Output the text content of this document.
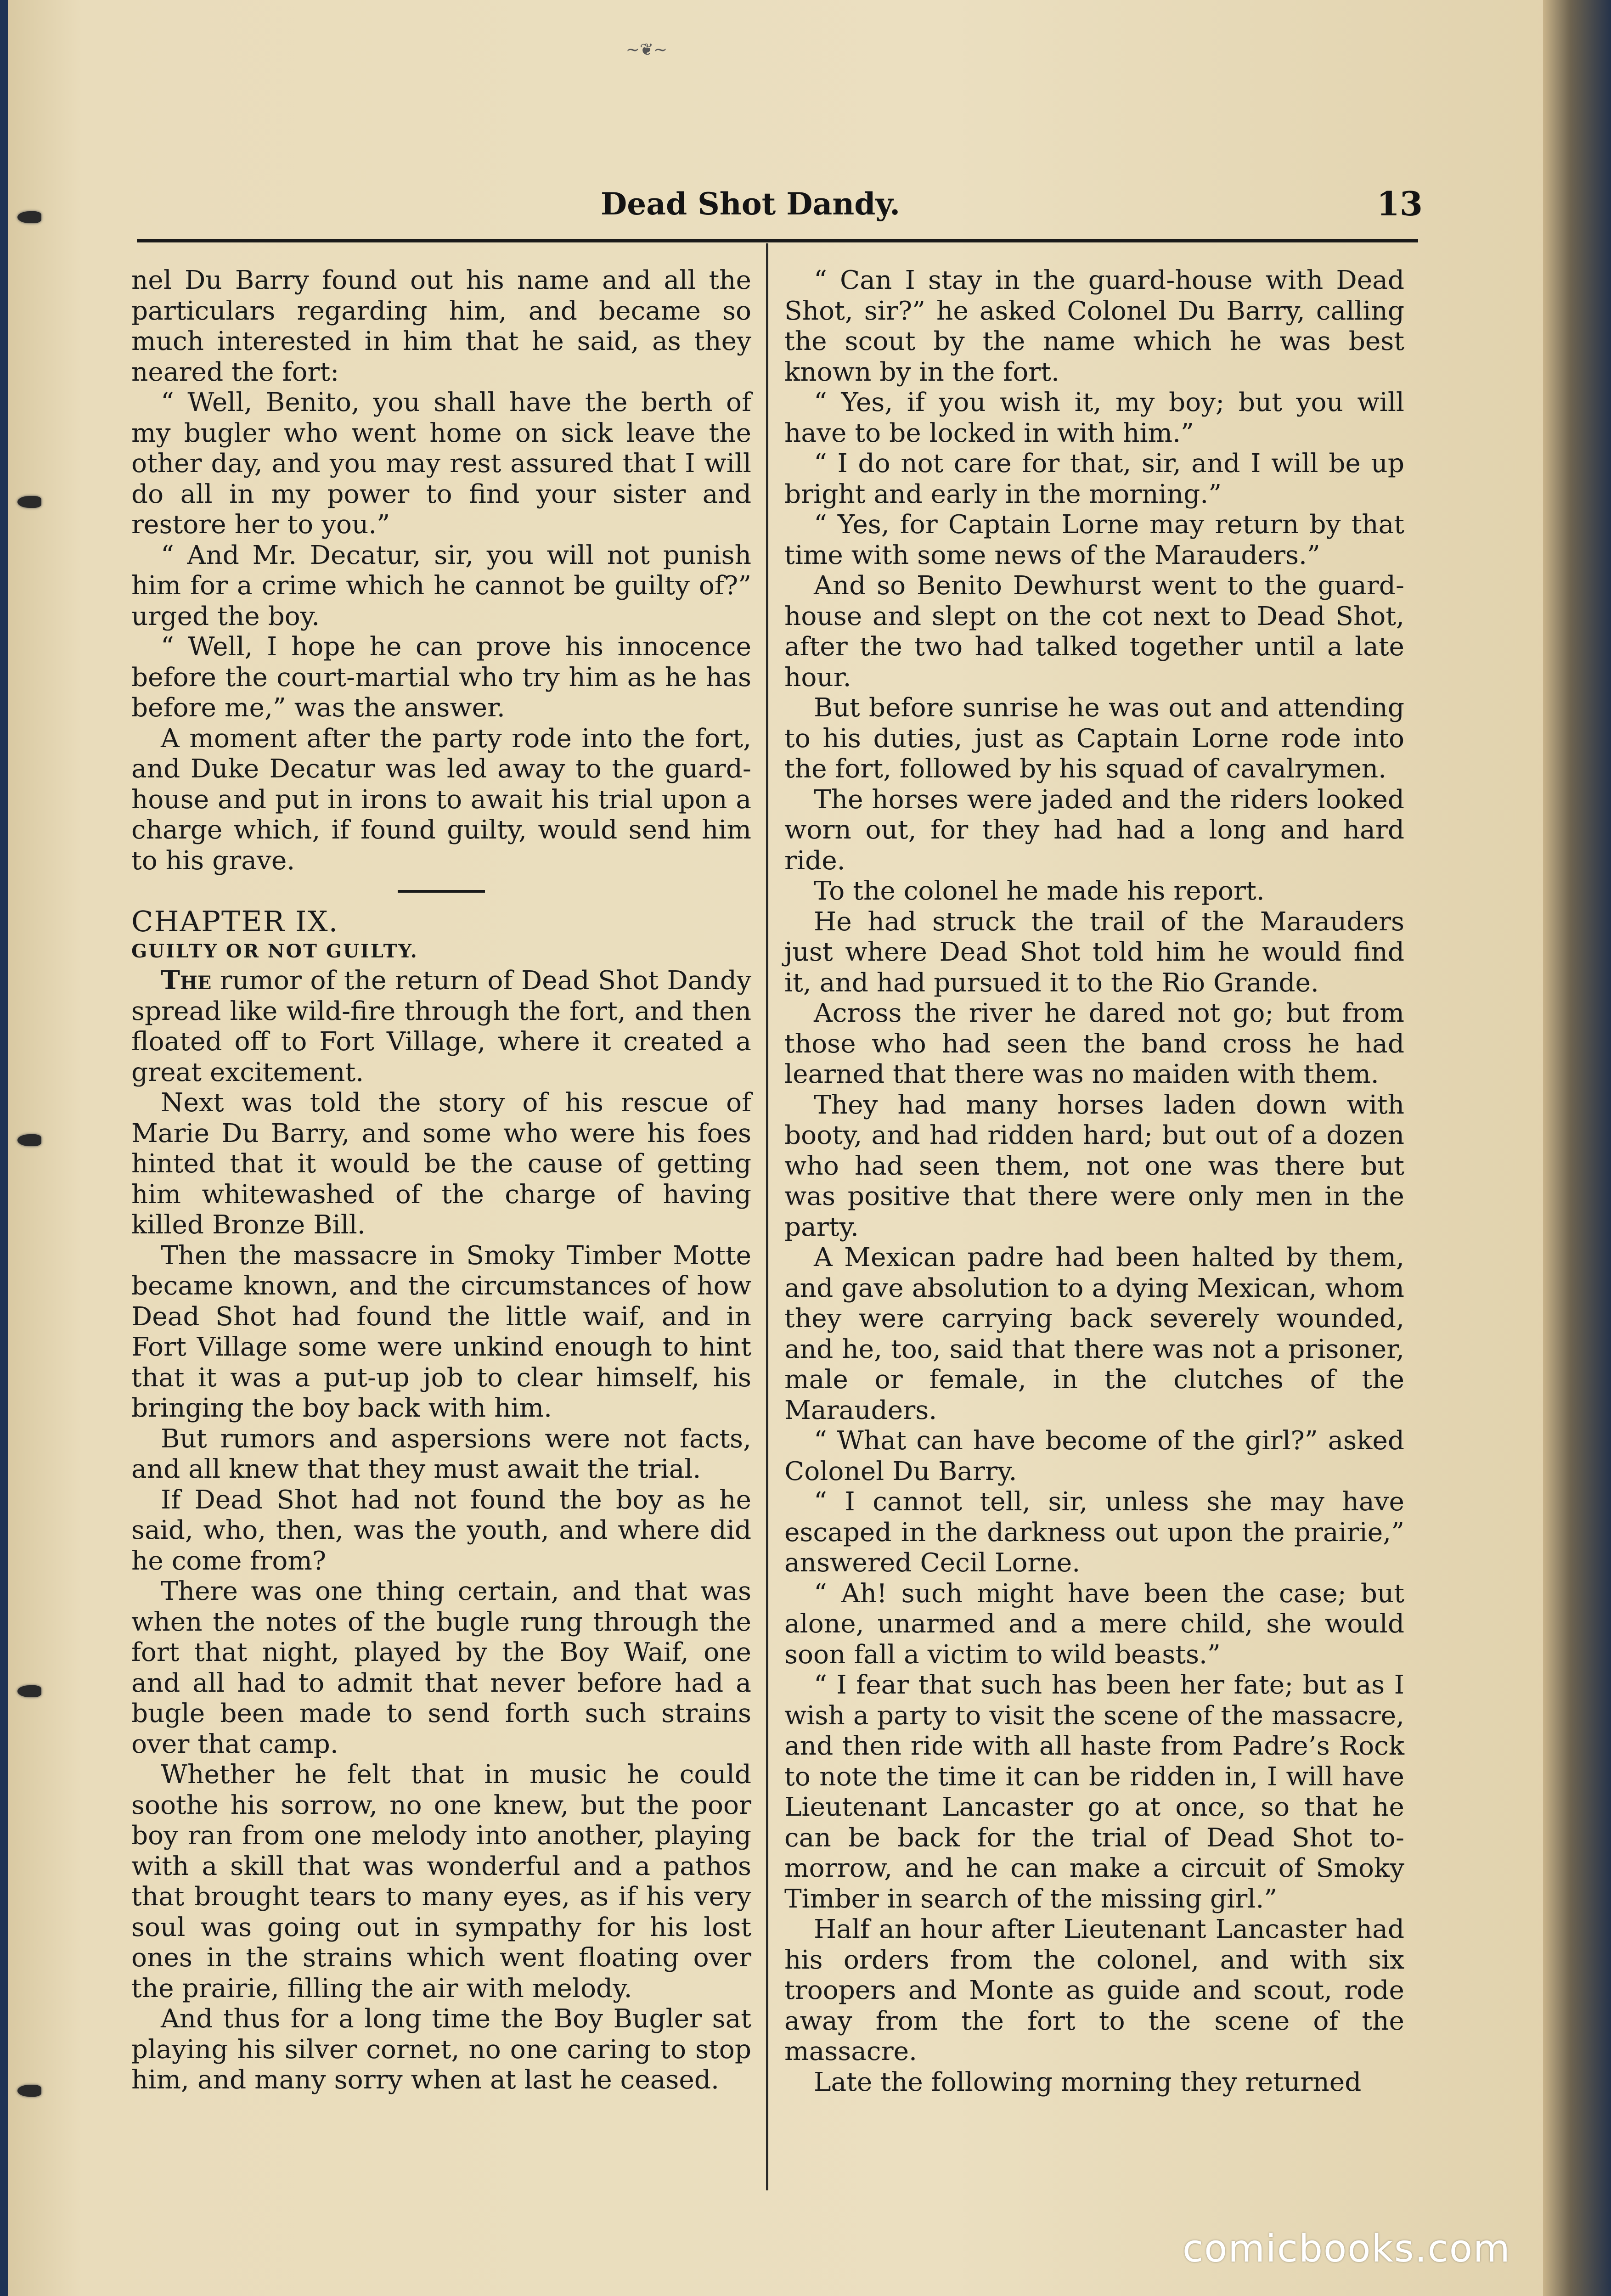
~❦~
Dead Shot Dandy.	13

nel Du Barry found out his name and all the particulars regarding him, and became so much interested in him that he said, as they neared the fort:

“ Well, Benito, you shall have the berth of my bugler who went home on sick leave the other day, and you may rest assured that I will do all in my power to find your sister and restore her to you.”

“ And Mr. Decatur, sir, you will not punish him for a crime which he cannot be guilty of?” urged the boy.

“ Well, I hope he can prove his innocence before the court-martial who try him as he has before me,” was the answer.

A moment after the party rode into the fort, and Duke Decatur was led away to the guard-house and put in irons to await his trial upon a charge which, if found guilty, would send him to his grave.

CHAPTER IX.

GUILTY OR NOT GUILTY.

The rumor of the return of Dead Shot Dandy spread like wild-fire through the fort, and then floated off to Fort Village, where it created a great excitement.

Next was told the story of his rescue of Marie Du Barry, and some who were his foes hinted that it would be the cause of getting him whitewashed of the charge of having killed Bronze Bill.

Then the massacre in Smoky Timber Motte became known, and the circumstances of how Dead Shot had found the little waif, and in Fort Village some were unkind enough to hint that it was a put-up job to clear himself, his bringing the boy back with him.

But rumors and aspersions were not facts, and all knew that they must await the trial.

If Dead Shot had not found the boy as he said, who, then, was the youth, and where did he come from?

There was one thing certain, and that was when the notes of the bugle rung through the fort that night, played by the Boy Waif, one and all had to admit that never before had a bugle been made to send forth such strains over that camp.

Whether he felt that in music he could soothe his sorrow, no one knew, but the poor boy ran from one melody into another, playing with a skill that was wonderful and a pathos that brought tears to many eyes, as if his very soul was going out in sympathy for his lost ones in the strains which went floating over the prairie, filling the air with melody.

And thus for a long time the Boy Bugler sat playing his silver cornet, no one caring to stop him, and many sorry when at last he ceased.

“ Can I stay in the guard-house with Dead Shot, sir?” he asked Colonel Du Barry, calling the scout by the name which he was best known by in the fort.

“ Yes, if you wish it, my boy; but you will have to be locked in with him.”

“ I do not care for that, sir, and I will be up bright and early in the morning.”

“ Yes, for Captain Lorne may return by that time with some news of the Marauders.”

And so Benito Dewhurst went to the guard-house and slept on the cot next to Dead Shot, after the two had talked together until a late hour.

But before sunrise he was out and attending to his duties, just as Captain Lorne rode into the fort, followed by his squad of cavalrymen.

The horses were jaded and the riders looked worn out, for they had had a long and hard ride.

To the colonel he made his report.

He had struck the trail of the Marauders just where Dead Shot told him he would find it, and had pursued it to the Rio Grande.

Across the river he dared not go; but from those who had seen the band cross he had learned that there was no maiden with them.

They had many horses laden down with booty, and had ridden hard; but out of a dozen who had seen them, not one was there but was positive that there were only men in the party.

A Mexican padre had been halted by them, and gave absolution to a dying Mexican, whom they were carrying back severely wounded, and he, too, said that there was not a prisoner, male or female, in the clutches of the Marauders.

“ What can have become of the girl?” asked Colonel Du Barry.

“ I cannot tell, sir, unless she may have escaped in the darkness out upon the prairie,” answered Cecil Lorne.

“ Ah! such might have been the case; but alone, unarmed and a mere child, she would soon fall a victim to wild beasts.”

“ I fear that such has been her fate; but as I wish a party to visit the scene of the massacre, and then ride with all haste from Padre’s Rock to note the time it can be ridden in, I will have Lieutenant Lancaster go at once, so that he can be back for the trial of Dead Shot to-morrow, and he can make a circuit of Smoky Timber in search of the missing girl.”

Half an hour after Lieutenant Lancaster had his orders from the colonel, and with six troopers and Monte as guide and scout, rode away from the fort to the scene of the massacre.

Late the following morning they returned

comicbooks.com
